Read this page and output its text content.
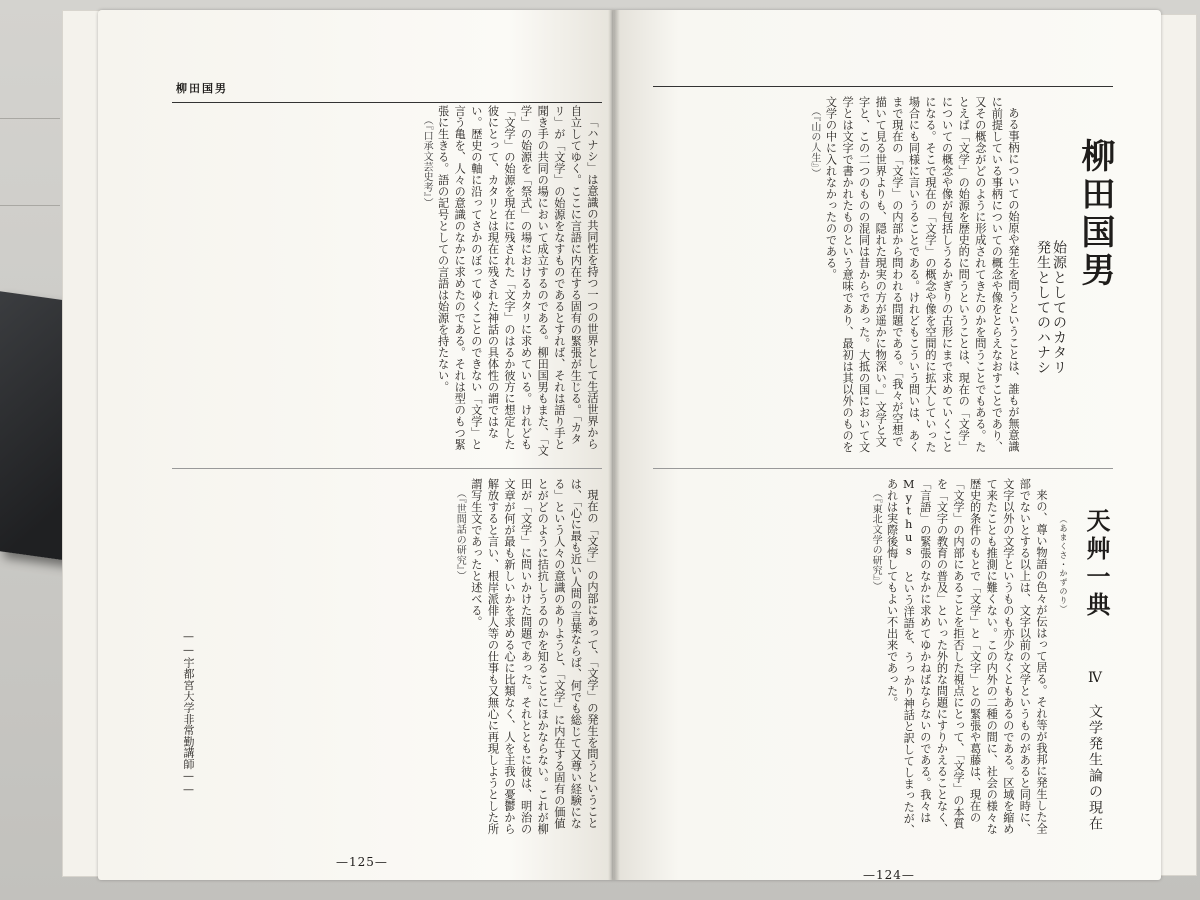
柳田国男

「ハナシ」は意識の共同性を持つ一つの世界として生活世界から自立してゆく。ここに言語に内在する固有の緊張が生じる。「カタリ」が「文学」の始源をなすものであるとすれば、それは語り手と聞き手の共同の場において成立するのである。柳田国男もまた、「文学」の始源を「祭式」の場におけるカタリに求めている。けれども「文学」の始源を現在に残された「文字」のはるか彼方に想定した彼にとって、カタリとは現在に残された神話の具体性の謂ではない。歴史の軸に沿ってさかのぼってゆくことのできない「文学」と言う亀を、人々の意識のなかに求めたのである。それは型のもつ緊張に生きる。語の記号としての言語は始源を持たない。

（『口承文芸史考』）

現在の「文学」の内部にあって、「文学」の発生を問うということは、「心に最も近い人間の言葉ならば、何でも総じて又尊い経験になる」という人々の意識のありようと、「文学」に内在する固有の価値とがどのように拮抗しうるのかを知ることにほかならない。これが柳田が「文学」に問いかけた問題であった。それとともに彼は、明治の文章が何が最も新しいかを求める心に比類なく、人を主我の憂鬱から解放すると言い、根岸派俳人等の仕事も又無心に再現しようとした所謂写生文であったと述べる。

（『世間話の研究』）

——宇都宮大学非常勤講師——
—125—
柳田国男
始源としてのカタリ
発生としてのハナシ

ある事柄についての始原や発生を問うということは、誰もが無意識に前提している事柄についての概念や像をとらえなおすことであり、又その概念がどのように形成されてきたのかを問うことでもある。たとえば「文学」の始源を歴史的に問うということは、現在の「文学」についての概念や像が包括しうるかぎりの古形にまで求めていくことになる。そこで現在の「文学」の概念や像を空間的に拡大していった場合にも同様に言いうることである。けれどもこういう問いは、あくまで現在の「文学」の内部から問われる問題である。「我々が空想で描いて見る世界よりも、隠れた現実の方が遥かに物深い。」文学と文字と、この二つのものの混同は昔からであった。大抵の国において文学とは文字で書かれたものという意味であり、最初は其以外のものを文学の中に入れなかったのである。

（『山の人生』）

天艸一典
（あまくさ・かずのり）
Ⅳ　文学発生論の現在

来の、尊い物語の色々が伝はって居る。それ等が我邦に発生した全部でないとする以上は、文字以前の文学というものがあると同時に、文字以外の文学というものも亦少なくともあるのである。区域を縮めて来たことも推測に難くない。この内外の二種の間に、社会の様々な歴史的条件のもとで「文学」と「文字」との緊張や葛藤は、現在の「文学」の内部にあることを拒否した視点にとって、「文学」の本質を「文字の教育の普及」といった外的な問題にすりかえることなく、「言語」の緊張のなかに求めてゆかねばならないのである。我々は Mythus という洋語を、うっかり神話と訳してしまったが、あれは実際後悔してもよい不出来であった。

（『東北文学の研究』）

—124—
